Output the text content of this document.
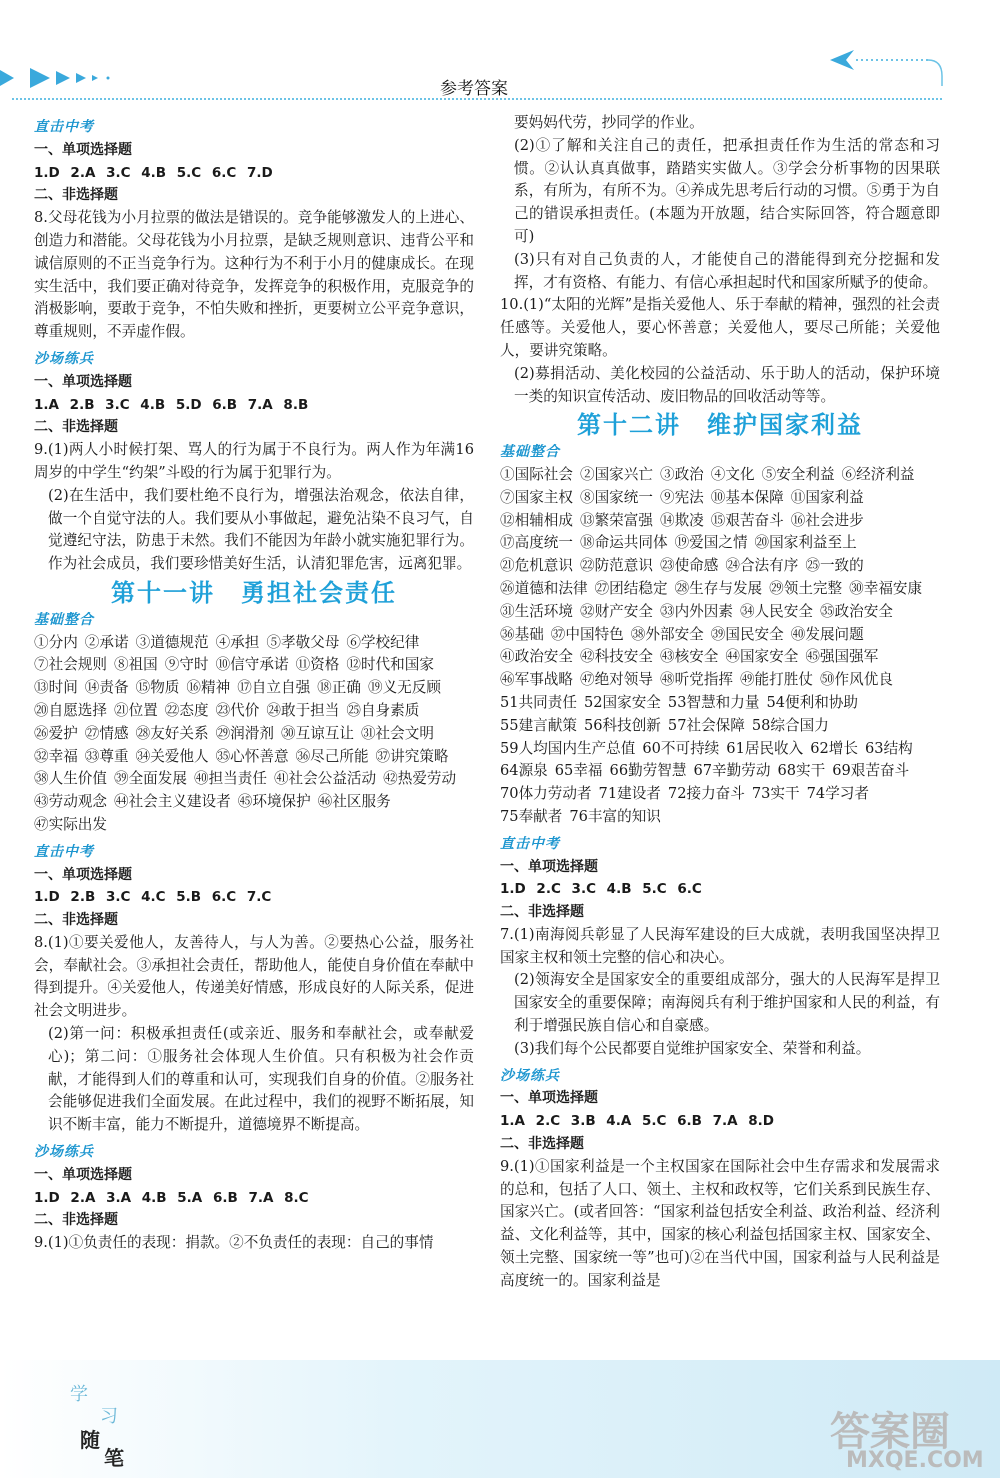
参考答案
直击中考
一、单项选择题
1.D 2.A 3.C 4.B 5.C 6.C 7.D
二、非选择题
8.父母花钱为小月拉票的做法是错误的。竞争能够激发人的上进心、创造力和潜能。父母花钱为小月拉票，是缺乏规则意识、违背公平和诚信原则的不正当竞争行为。这种行为不利于小月的健康成长。在现实生活中，我们要正确对待竞争，发挥竞争的积极作用，克服竞争的消极影响，要敢于竞争，不怕失败和挫折，更要树立公平竞争意识，尊重规则，不弄虚作假。
沙场练兵
一、单项选择题
1.A 2.B 3.C 4.B 5.D 6.B 7.A 8.B
二、非选择题
9.(1)两人小时候打架、骂人的行为属于不良行为。两人作为年满16周岁的中学生“约架”斗殴的行为属于犯罪行为。
(2)在生活中，我们要杜绝不良行为，增强法治观念，依法自律，做一个自觉守法的人。我们要从小事做起，避免沾染不良习气，自觉遵纪守法，防患于未然。我们不能因为年龄小就实施犯罪行为。作为社会成员，我们要珍惜美好生活，认清犯罪危害，远离犯罪。
第十一讲　勇担社会责任
基础整合
①分内 ②承诺 ③道德规范 ④承担 ⑤孝敬父母 ⑥学校纪律
⑦社会规则 ⑧祖国 ⑨守时 ⑩信守承诺 ⑪资格 ⑫时代和国家
⑬时间 ⑭责备 ⑮物质 ⑯精神 ⑰自立自强 ⑱正确 ⑲义无反顾
⑳自愿选择 ㉑位置 ㉒态度 ㉓代价 ㉔敢于担当 ㉕自身素质
㉖爱护 ㉗情感 ㉘友好关系 ㉙润滑剂 ㉚互谅互让 ㉛社会文明
㉜幸福 ㉝尊重 ㉞关爱他人 ㉟心怀善意 ㊱尽己所能 ㊲讲究策略
㊳人生价值 ㊴全面发展 ㊵担当责任 ㊶社会公益活动 ㊷热爱劳动
㊸劳动观念 ㊹社会主义建设者 ㊺环境保护 ㊻社区服务
㊼实际出发
直击中考
一、单项选择题
1.D 2.B 3.C 4.C 5.B 6.C 7.C
二、非选择题
8.(1)①要关爱他人，友善待人，与人为善。②要热心公益，服务社会，奉献社会。③承担社会责任，帮助他人，能使自身价值在奉献中得到提升。④关爱他人，传递美好情感，形成良好的人际关系，促进社会文明进步。
(2)第一问：积极承担责任(或亲近、服务和奉献社会，或奉献爱心)；第二问：①服务社会体现人生价值。只有积极为社会作贡献，才能得到人们的尊重和认可，实现我们自身的价值。②服务社会能够促进我们全面发展。在此过程中，我们的视野不断拓展，知识不断丰富，能力不断提升，道德境界不断提高。
沙场练兵
一、单项选择题
1.D 2.A 3.A 4.B 5.A 6.B 7.A 8.C
二、非选择题
9.(1)①负责任的表现：捐款。②不负责任的表现：自己的事情
要妈妈代劳，抄同学的作业。
(2)①了解和关注自己的责任，把承担责任作为生活的常态和习惯。②认认真真做事，踏踏实实做人。③学会分析事物的因果联系，有所为，有所不为。④养成先思考后行动的习惯。⑤勇于为自己的错误承担责任。(本题为开放题，结合实际回答，符合题意即可)
(3)只有对自己负责的人，才能使自己的潜能得到充分挖掘和发挥，才有资格、有能力、有信心承担起时代和国家所赋予的使命。
10.(1)“太阳的光辉”是指关爱他人、乐于奉献的精神，强烈的社会责任感等。关爱他人，要心怀善意；关爱他人，要尽己所能；关爱他人，要讲究策略。
(2)募捐活动、美化校园的公益活动、乐于助人的活动，保护环境一类的知识宣传活动、废旧物品的回收活动等等。
第十二讲　维护国家利益
基础整合
①国际社会 ②国家兴亡 ③政治 ④文化 ⑤安全利益 ⑥经济利益
⑦国家主权 ⑧国家统一 ⑨宪法 ⑩基本保障 ⑪国家利益
⑫相辅相成 ⑬繁荣富强 ⑭欺凌 ⑮艰苦奋斗 ⑯社会进步
⑰高度统一 ⑱命运共同体 ⑲爱国之情 ⑳国家利益至上
㉑危机意识 ㉒防范意识 ㉓使命感 ㉔合法有序 ㉕一致的
㉖道德和法律 ㉗团结稳定 ㉘生存与发展 ㉙领土完整 ㉚幸福安康
㉛生活环境 ㉜财产安全 ㉝内外因素 ㉞人民安全 ㉟政治安全
㊱基础 ㊲中国特色 ㊳外部安全 ㊴国民安全 ㊵发展问题
㊶政治安全 ㊷科技安全 ㊸核安全 ㊹国家安全 ㊺强国强军
㊻军事战略 ㊼绝对领导 ㊽听党指挥 ㊾能打胜仗 ㊿作风优良
51共同责任 52国家安全 53智慧和力量 54便利和协助
55建言献策 56科技创新 57社会保障 58综合国力
59人均国内生产总值 60不可持续 61居民收入 62增长 63结构
64源泉 65幸福 66勤劳智慧 67辛勤劳动 68实干 69艰苦奋斗
70体力劳动者 71建设者 72接力奋斗 73实干 74学习者
75奉献者 76丰富的知识
直击中考
一、单项选择题
1.D 2.C 3.C 4.B 5.C 6.C
二、非选择题
7.(1)南海阅兵彰显了人民海军建设的巨大成就，表明我国坚决捍卫国家主权和领土完整的信心和决心。
(2)领海安全是国家安全的重要组成部分，强大的人民海军是捍卫国家安全的重要保障；南海阅兵有利于维护国家和人民的利益，有利于增强民族自信心和自豪感。
(3)我们每个公民都要自觉维护国家安全、荣誉和利益。
沙场练兵
一、单项选择题
1.A 2.C 3.B 4.A 5.C 6.B 7.A 8.D
二、非选择题
9.(1)①国家利益是一个主权国家在国际社会中生存需求和发展需求的总和，包括了人口、领土、主权和政权等，它们关系到民族生存、国家兴亡。(或者回答：“国家利益包括安全利益、政治利益、经济利益、文化利益等，其中，国家的核心利益包括国家主权、国家安全、领土完整、国家统一等”也可)②在当代中国，国家利益与人民利益是高度统一的。国家利益是
学
习
随
笔
答案圈
MXQE.COM
